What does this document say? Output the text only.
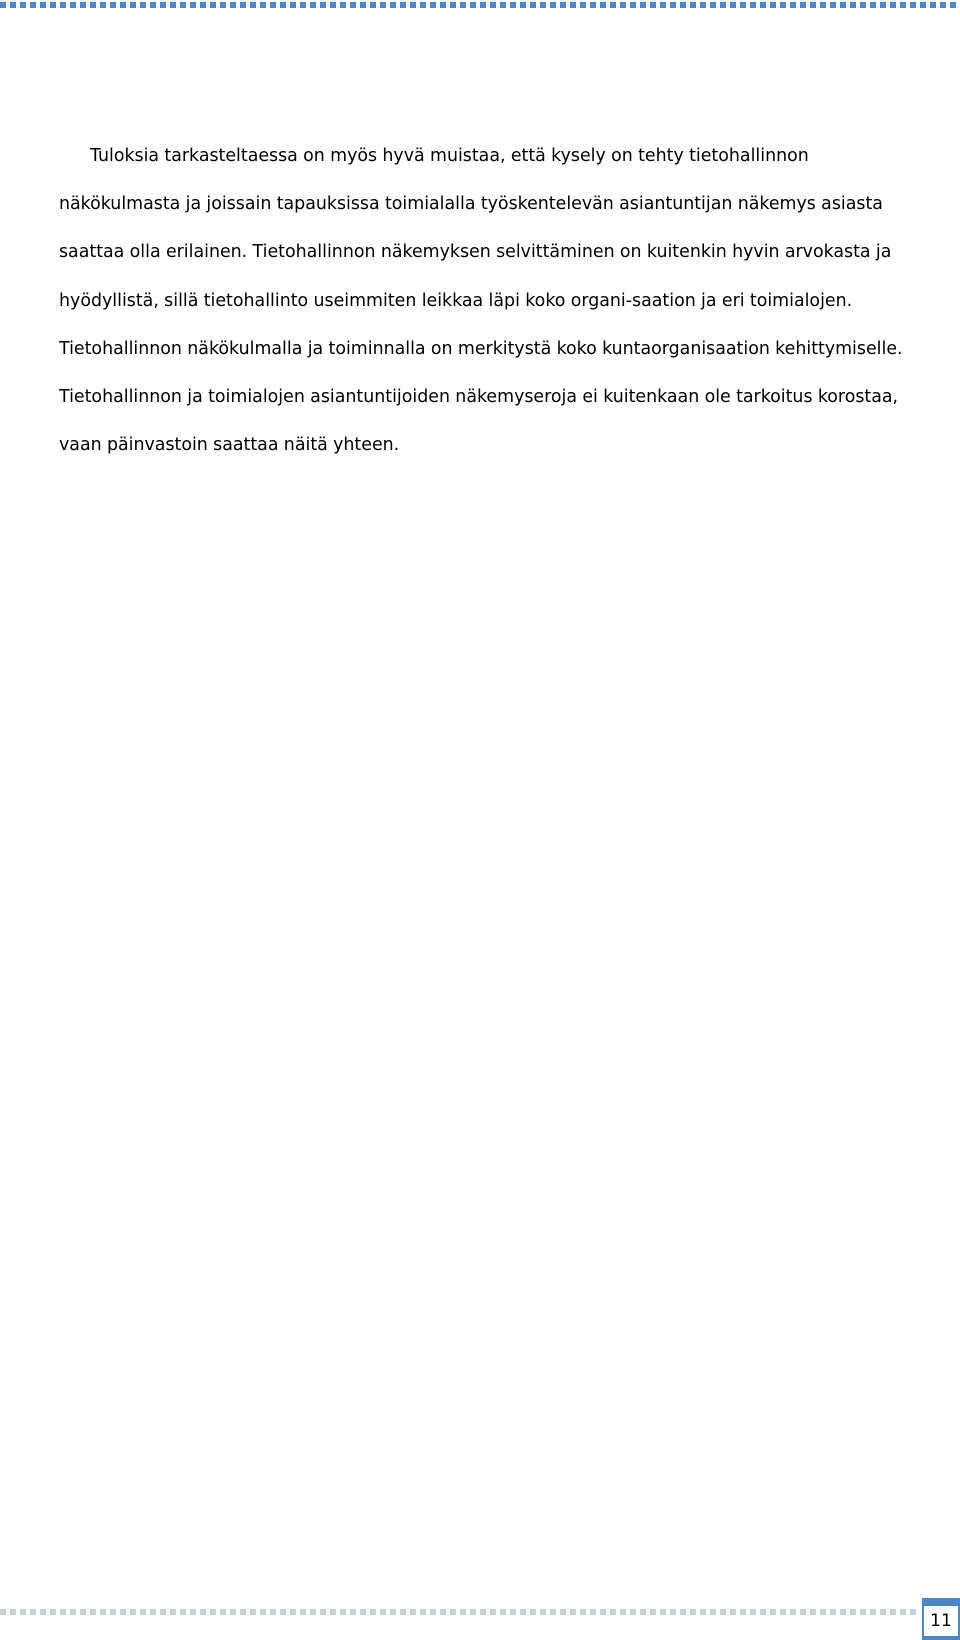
Tuloksia tarkasteltaessa on myös hyvä muistaa, että kysely on tehty tietohallinnon näkökulmasta ja joissain tapauksissa toimialalla työskentelevän asiantuntijan näkemys asiasta saattaa olla erilainen. Tietohallinnon näkemyksen selvittäminen on kuitenkin hyvin arvokasta ja hyödyllistä, sillä tietohallinto useimmiten leikkaa läpi koko organi-saation ja eri toimialojen. Tietohallinnon näkökulmalla ja toiminnalla on merkitystä koko kuntaorganisaation kehittymiselle. Tietohallinnon ja toimialojen asiantuntijoiden näkemyseroja ei kuitenkaan ole tarkoitus korostaa, vaan päinvastoin saattaa näitä yhteen.

11
